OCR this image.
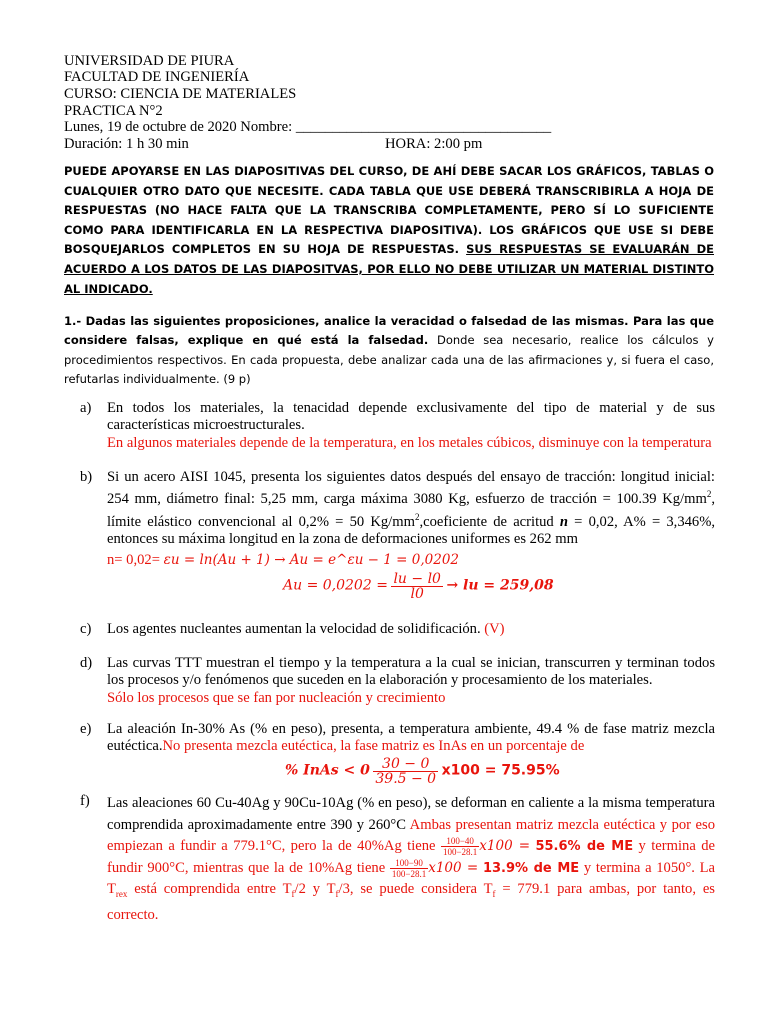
UNIVERSIDAD DE PIURA
FACULTAD DE INGENIERÍA
CURSO: CIENCIA DE MATERIALES
PRACTICA N°2
Lunes, 19 de octubre de 2020 Nombre: ___________________________________
Duración: 1 h 30 min	HORA: 2:00 pm
PUEDE APOYARSE EN LAS DIAPOSITIVAS DEL CURSO, DE AHÍ DEBE SACAR LOS GRÁFICOS, TABLAS O CUALQUIER OTRO DATO QUE NECESITE. CADA TABLA QUE USE DEBERÁ TRANSCRIBIRLA A HOJA DE RESPUESTAS (NO HACE FALTA QUE LA TRANSCRIBA COMPLETAMENTE, PERO SÍ LO SUFICIENTE COMO PARA IDENTIFICARLA EN LA RESPECTIVA DIAPOSITIVA). LOS GRÁFICOS QUE USE SI DEBE BOSQUEJARLOS COMPLETOS EN SU HOJA DE RESPUESTAS. SUS RESPUESTAS SE EVALUARÁN DE ACUERDO A LOS DATOS DE LAS DIAPOSITVAS, POR ELLO NO DEBE UTILIZAR UN MATERIAL DISTINTO AL INDICADO.
1.- Dadas las siguientes proposiciones, analice la veracidad o falsedad de las mismas. Para las que considere falsas, explique en qué está la falsedad. Donde sea necesario, realice los cálculos y procedimientos respectivos. En cada propuesta, debe analizar cada una de las afirmaciones y, si fuera el caso, refutarlas individualmente. (9 p)
a) En todos los materiales, la tenacidad depende exclusivamente del tipo de material y de sus características microestructurales.
En algunos materiales depende de la temperatura, en los metales cúbicos, disminuye con la temperatura
b) Si un acero AISI 1045, presenta los siguientes datos después del ensayo de tracción: longitud inicial: 254 mm, diámetro final: 5,25 mm, carga máxima 3080 Kg, esfuerzo de tracción = 100.39 $Kg/mm^2$, límite elástico convencional al 0,2% = 50 $Kg/mm^2,coeficiente$ de acritud n = 0,02, A% = 3,346%, entonces su máxima longitud en la zona de deformaciones uniformes es 262 mm
n= 0,02= εu = ln(Au + 1) → Au = e^εu − 1 = 0,0202
$Au = 0,0202 = \frac{lu - l0}{l0}$ → lu = 259,08
c) Los agentes nucleantes aumentan la velocidad de solidificación. (V)
d) Las curvas TTT muestran el tiempo y la temperatura a la cual se inician, transcurren y terminan todos los procesos y/o fenómenos que suceden en la elaboración y procesamiento de los materiales.
Sólo los procesos que se fan por nucleación y crecimiento
e) La aleación In-30% As (% en peso), presenta, a temperatura ambiente, 49.4 % de fase matriz mezcla eutéctica.No presenta mezcla eutéctica, la fase matriz es InAs en un porcentaje de
% InAs < $0 \frac{30 - 0}{39.5 - 0} x100 = 75.95\%$
f) Las aleaciones 60 Cu-40Ag y 90Cu-10Ag (% en peso), se deforman en caliente a la misma temperatura comprendida aproximadamente entre 390 y 260°C Ambas presentan matriz mezcla eutéctica y por eso empiezan a fundir a 779.1°C, pero la de 40%Ag tiene $\frac{100-40}{100-28.1} x100 = 55.6\%$ de ME y termina de fundir 900°C, mientras que la de 10%Ag tiene $\frac{100-90}{100-28.1} x100 = 13.9\%$ de ME y termina a 1050°. La $T_{rex}$ está comprendida entre $T_f/2$ y $T_f/3$, se puede considera $T_f = 779.1$ para ambas, por tanto, es correcto.
